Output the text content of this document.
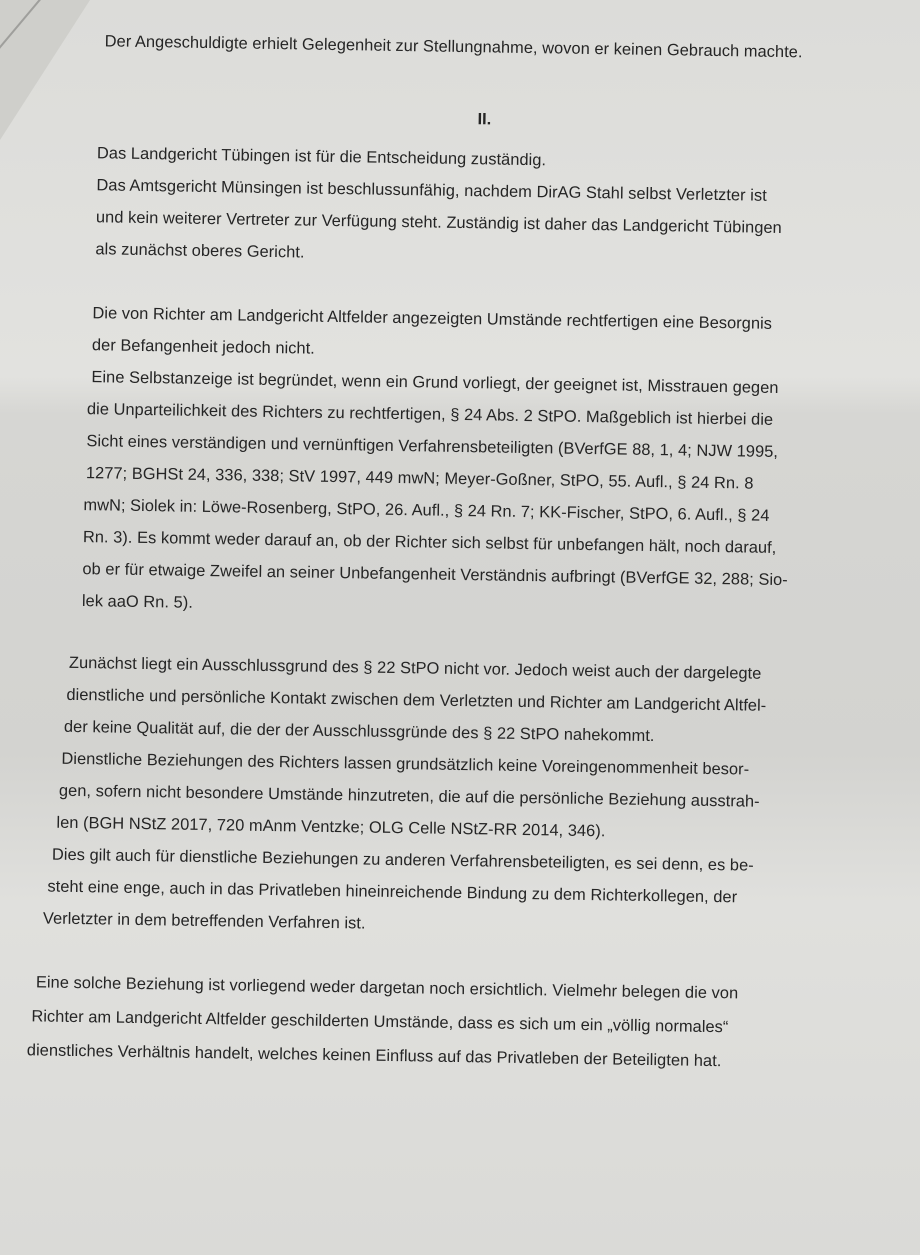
Der Angeschuldigte erhielt Gelegenheit zur Stellungnahme, wovon er keinen Gebrauch machte.
II.
Das Landgericht Tübingen ist für die Entscheidung zuständig.
Das Amtsgericht Münsingen ist beschlussunfähig, nachdem DirAG Stahl selbst Verletzter ist
und kein weiterer Vertreter zur Verfügung steht. Zuständig ist daher das Landgericht Tübingen
als zunächst oberes Gericht.
Die von Richter am Landgericht Altfelder angezeigten Umstände rechtfertigen eine Besorgnis
der Befangenheit jedoch nicht.
Eine Selbstanzeige ist begründet, wenn ein Grund vorliegt, der geeignet ist, Misstrauen gegen
die Unparteilichkeit des Richters zu rechtfertigen, § 24 Abs. 2 StPO. Maßgeblich ist hierbei die
Sicht eines verständigen und vernünftigen Verfahrensbeteiligten (BVerfGE 88, 1, 4; NJW 1995,
1277; BGHSt 24, 336, 338; StV 1997, 449 mwN; Meyer-Goßner, StPO, 55. Aufl., § 24 Rn. 8
mwN; Siolek in: Löwe-Rosenberg, StPO, 26. Aufl., § 24 Rn. 7; KK-Fischer, StPO, 6. Aufl., § 24
Rn. 3). Es kommt weder darauf an, ob der Richter sich selbst für unbefangen hält, noch darauf,
ob er für etwaige Zweifel an seiner Unbefangenheit Verständnis aufbringt (BVerfGE 32, 288; Sio-
lek aaO Rn. 5).
Zunächst liegt ein Ausschlussgrund des § 22 StPO nicht vor. Jedoch weist auch der dargelegte
dienstliche und persönliche Kontakt zwischen dem Verletzten und Richter am Landgericht Altfel-
der keine Qualität auf, die der der Ausschlussgründe des § 22 StPO nahekommt.
Dienstliche Beziehungen des Richters lassen grundsätzlich keine Voreingenommenheit besor-
gen, sofern nicht besondere Umstände hinzutreten, die auf die persönliche Beziehung ausstrah-
len (BGH NStZ 2017, 720 mAnm Ventzke; OLG Celle NStZ-RR 2014, 346).
Dies gilt auch für dienstliche Beziehungen zu anderen Verfahrensbeteiligten, es sei denn, es be-
steht eine enge, auch in das Privatleben hineinreichende Bindung zu dem Richterkollegen, der
Verletzter in dem betreffenden Verfahren ist.
Eine solche Beziehung ist vorliegend weder dargetan noch ersichtlich. Vielmehr belegen die von
Richter am Landgericht Altfelder geschilderten Umstände, dass es sich um ein „völlig normales“
dienstliches Verhältnis handelt, welches keinen Einfluss auf das Privatleben der Beteiligten hat.
